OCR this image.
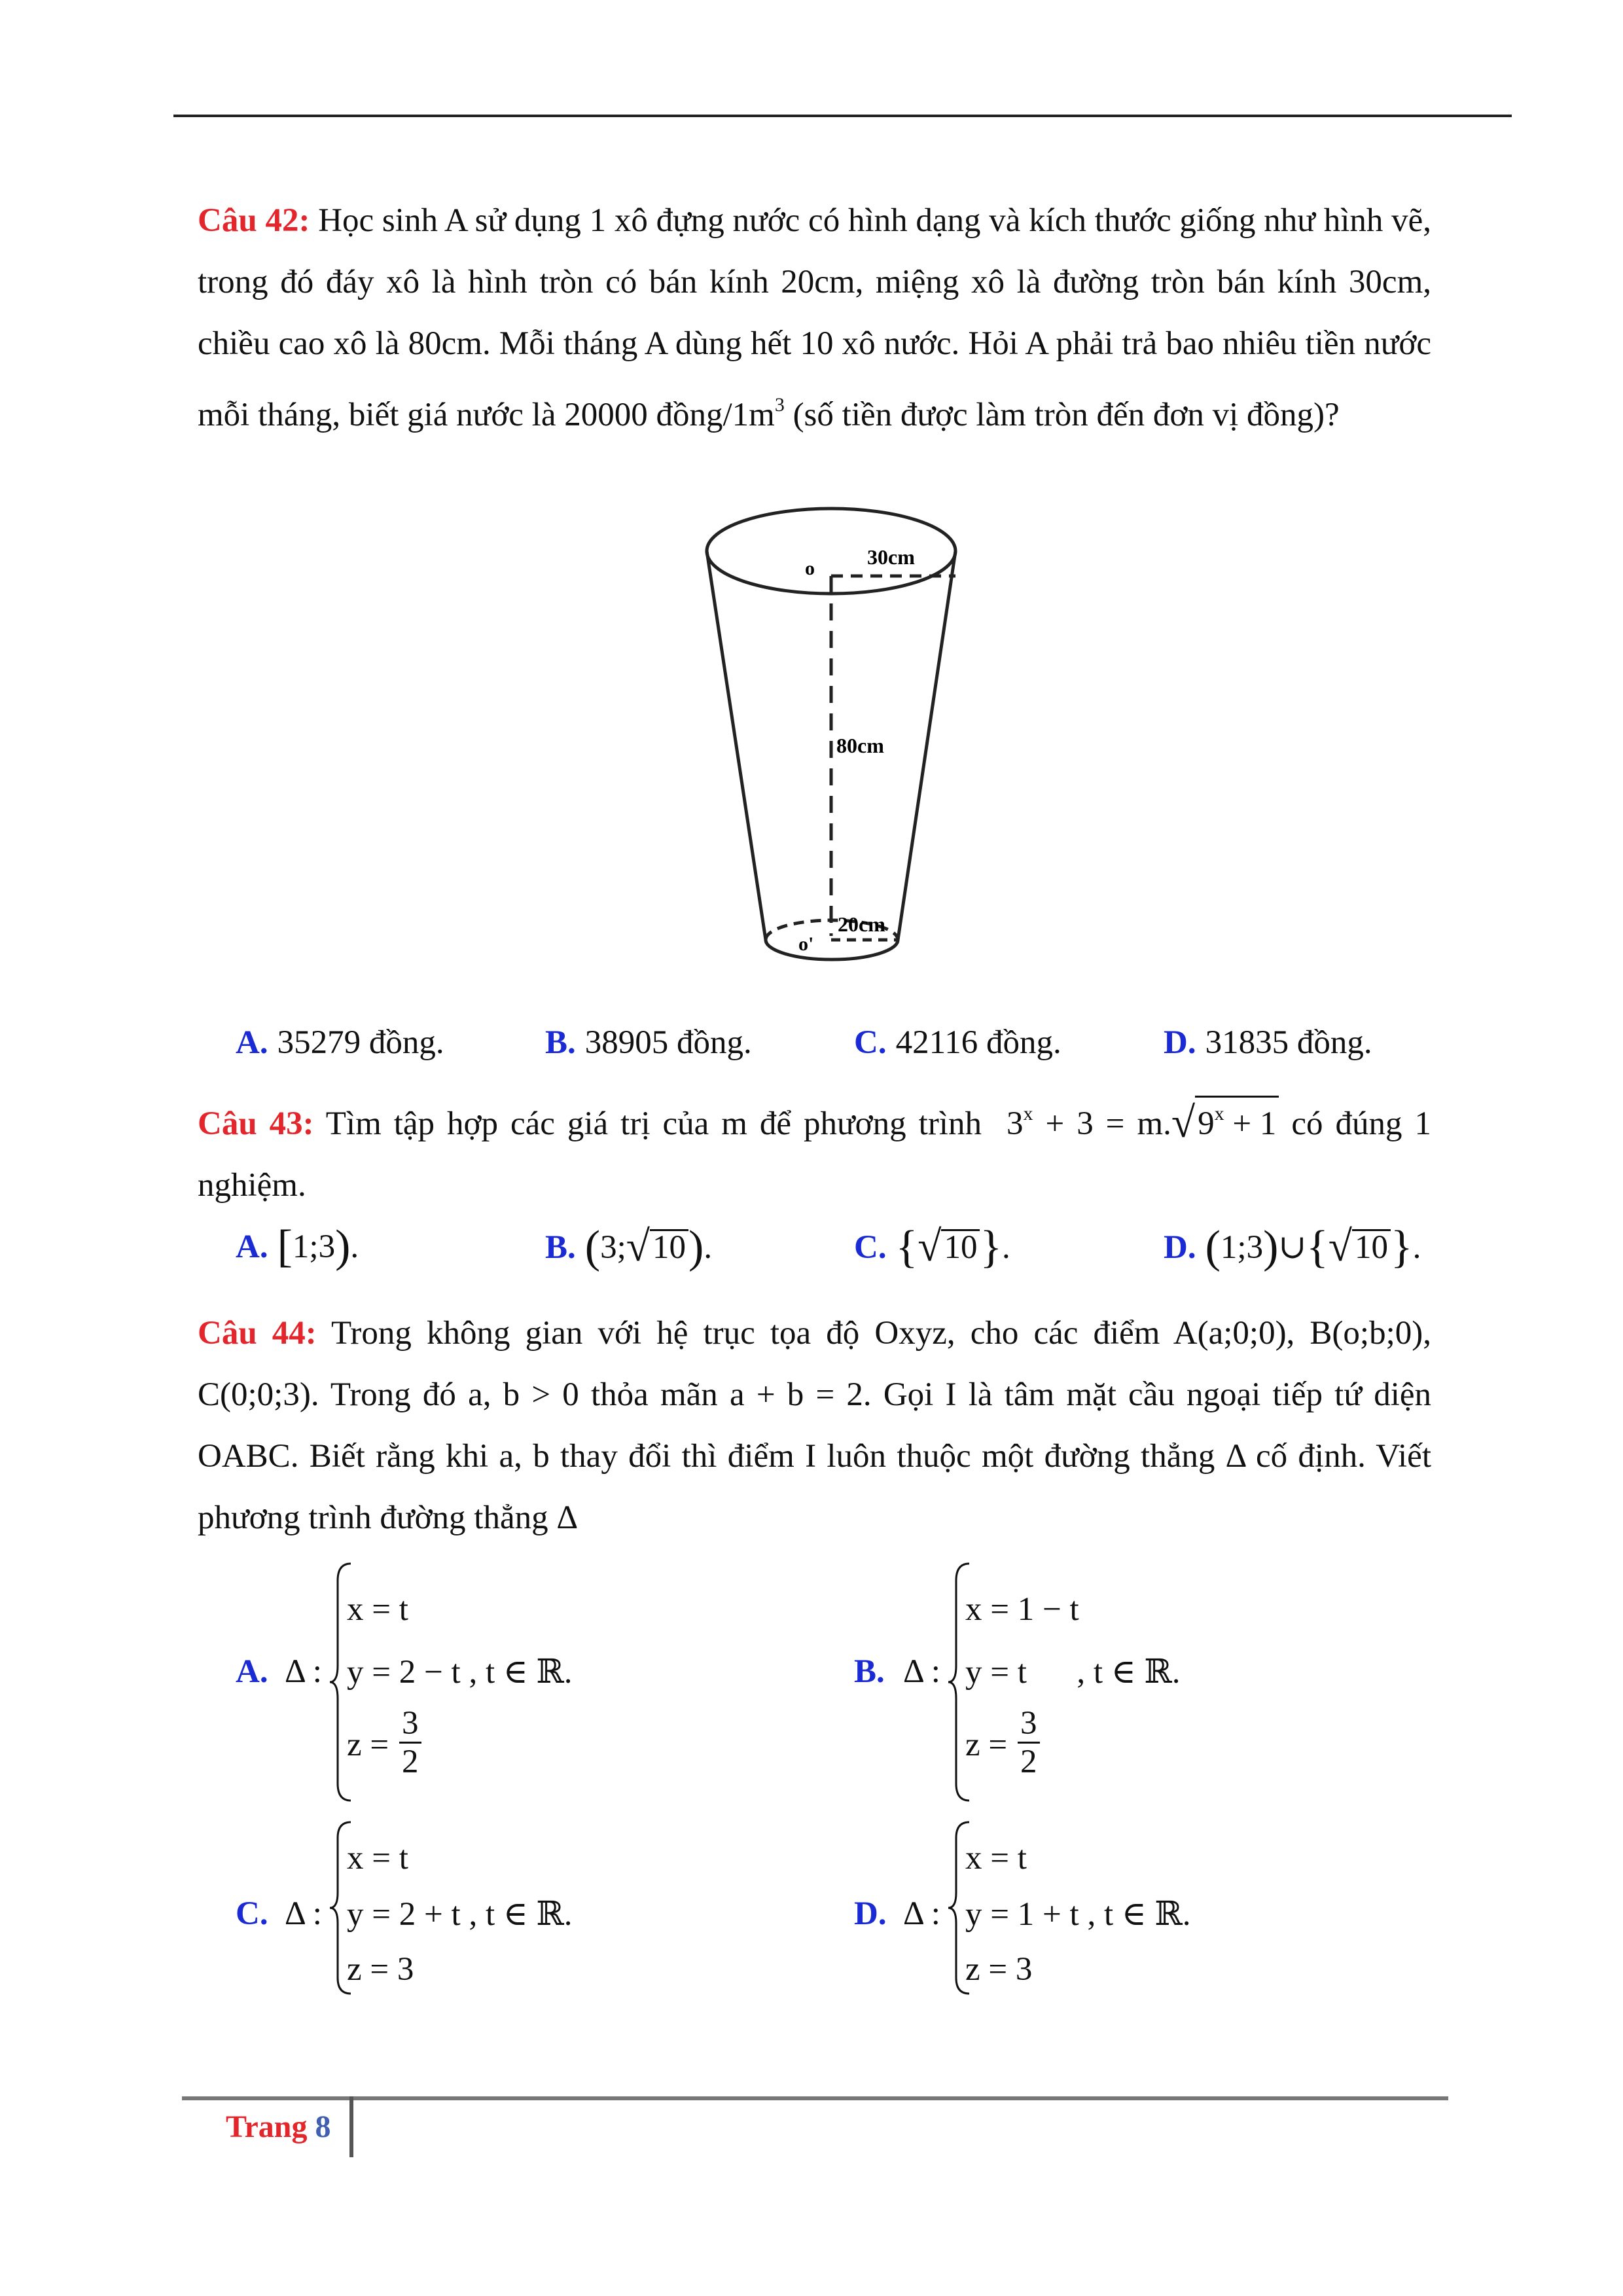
Câu 42: Học sinh A sử dụng 1 xô đựng nước có hình dạng và kích thước giống như hình vẽ, trong đó đáy xô là hình tròn có bán kính 20cm, miệng xô là đường tròn bán kính 30cm, chiều cao xô là 80cm. Mỗi tháng A dùng hết 10 xô nước. Hỏi A phải trả bao nhiêu tiền nước mỗi tháng, biết giá nước là 20000 đồng/$1m^3$ (số tiền được làm tròn đến đơn vị đồng)?
o	30cm
80cm
20cm
o'
A. 35279 đồng.	B. 38905 đồng.	C. 42116 đồng.	D. 31835 đồng.
Câu 43: Tìm tập hợp các giá trị của m để phương trình $3^x + 3 = m.√9^x + 1$ có đúng 1 nghiệm.
A. [1;3).	B. (3;√10).	C. {√10}.	D. (1;3)∪{√10}.
Câu 44: Trong không gian với hệ trục tọa độ Oxyz, cho các điểm A(a;0;0), B(o;b;0), C(0;0;3). Trong đó a, b > 0 thỏa mãn a + b = 2. Gọi I là tâm mặt cầu ngoại tiếp tứ diện OABC. Biết rằng khi a, b thay đổi thì điểm I luôn thuộc một đường thẳng Δ cố định. Viết phương trình đường thẳng Δ
A. Δ :
x = t
y = 2 − t , t ∈ ℝ.
$z = \frac{3}{2}$
B. Δ :
x = 1 − t
y = t      , t ∈ ℝ.
$z = \frac{3}{2}$
C. Δ :
x = t
y = 2 + t , t ∈ ℝ.
z = 3
D. Δ :
x = t
y = 1 + t , t ∈ ℝ.
z = 3
Trang 8
